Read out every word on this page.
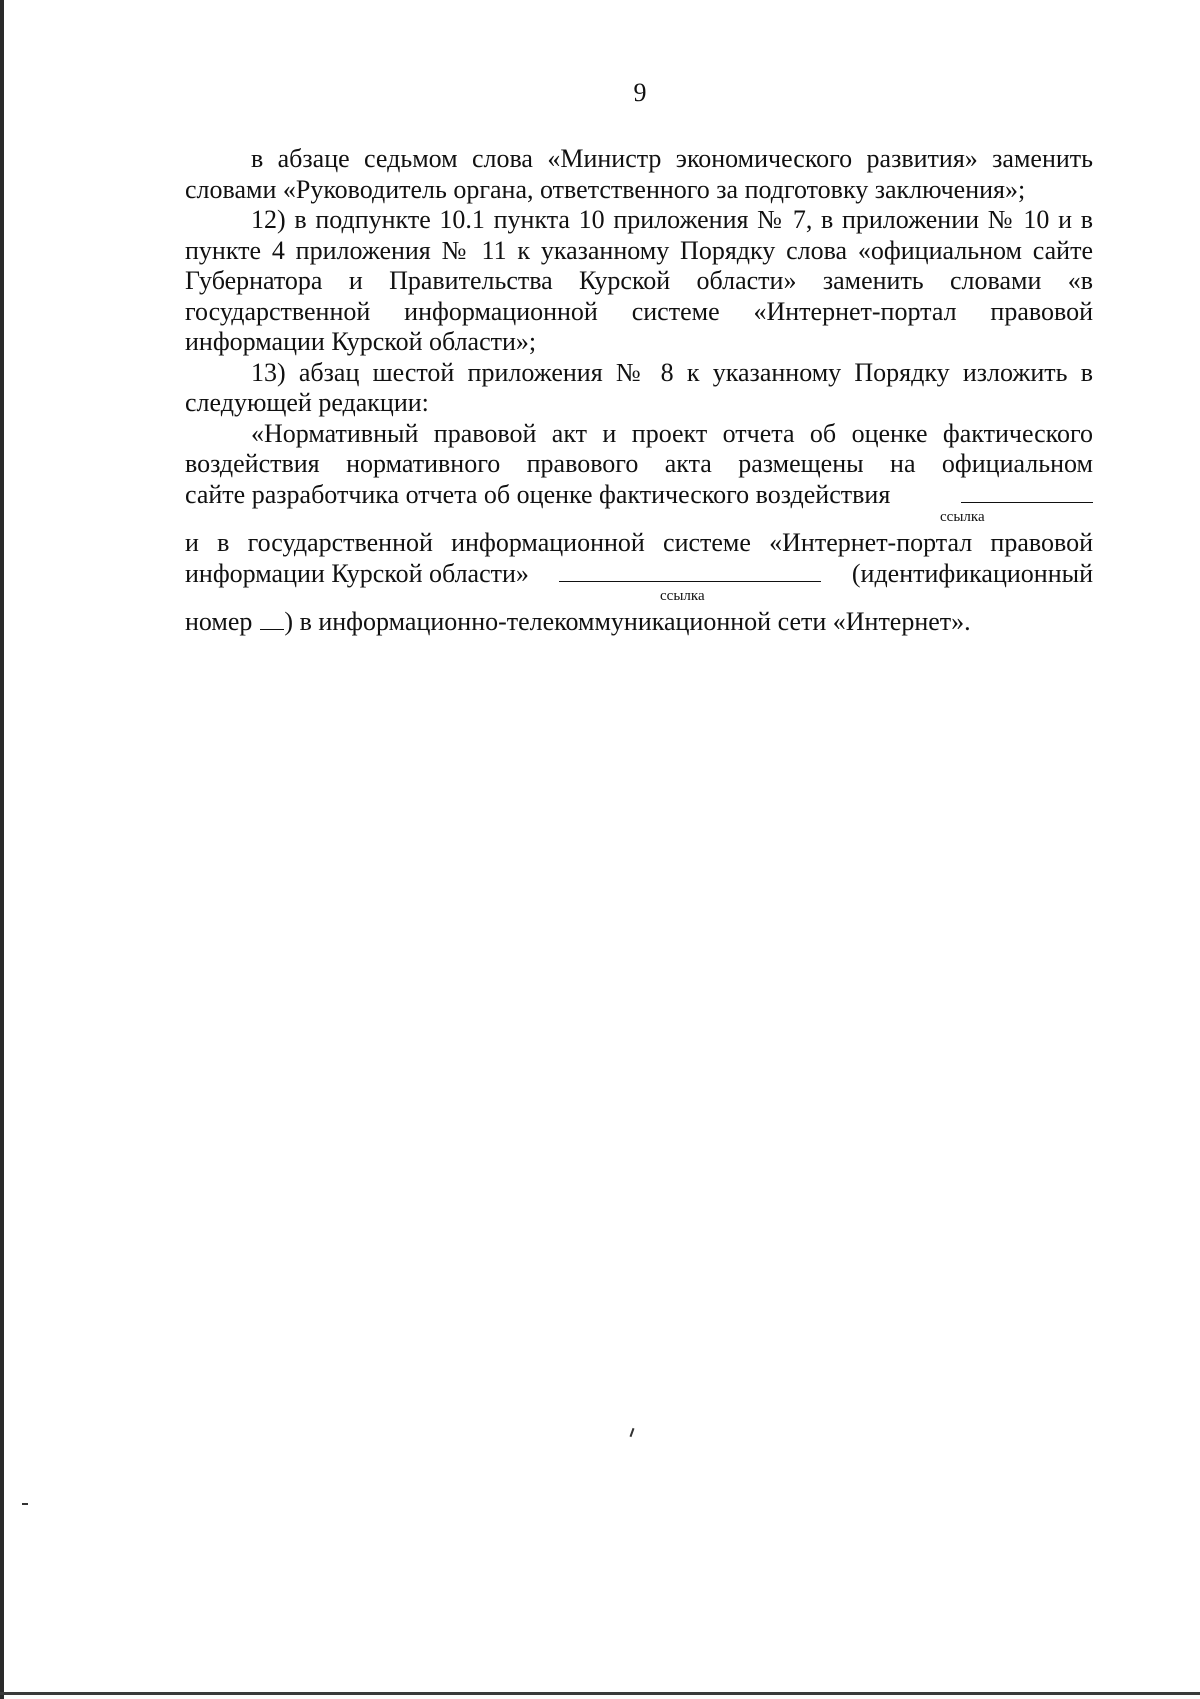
9

в абзаце седьмом слова «Министр экономического развития» заменить словами «Руководитель органа, ответственного за подготовку заключения»;

12) в подпункте 10.1 пункта 10 приложения № 7, в приложении № 10 и в пункте 4 приложения № 11 к указанному Порядку слова «официальном сайте Губернатора и Правительства Курской области» заменить словами «в государственной информационной системе «Интернет-портал правовой информации Курской области»;

13) абзац шестой приложения № 8 к указанному Порядку изложить в следующей редакции:

«Нормативный правовой акт и проект отчета об оценке фактического
воздействия нормативного правового акта размещены на официальном
сайте разработчика отчета об оценке фактического воздействия
ссылка
и в государственной информационной системе «Интернет-портал правовой
информации Курской области»	(идентификационный
ссылка
номер ) в информационно-телекоммуникационной сети «Интернет».
